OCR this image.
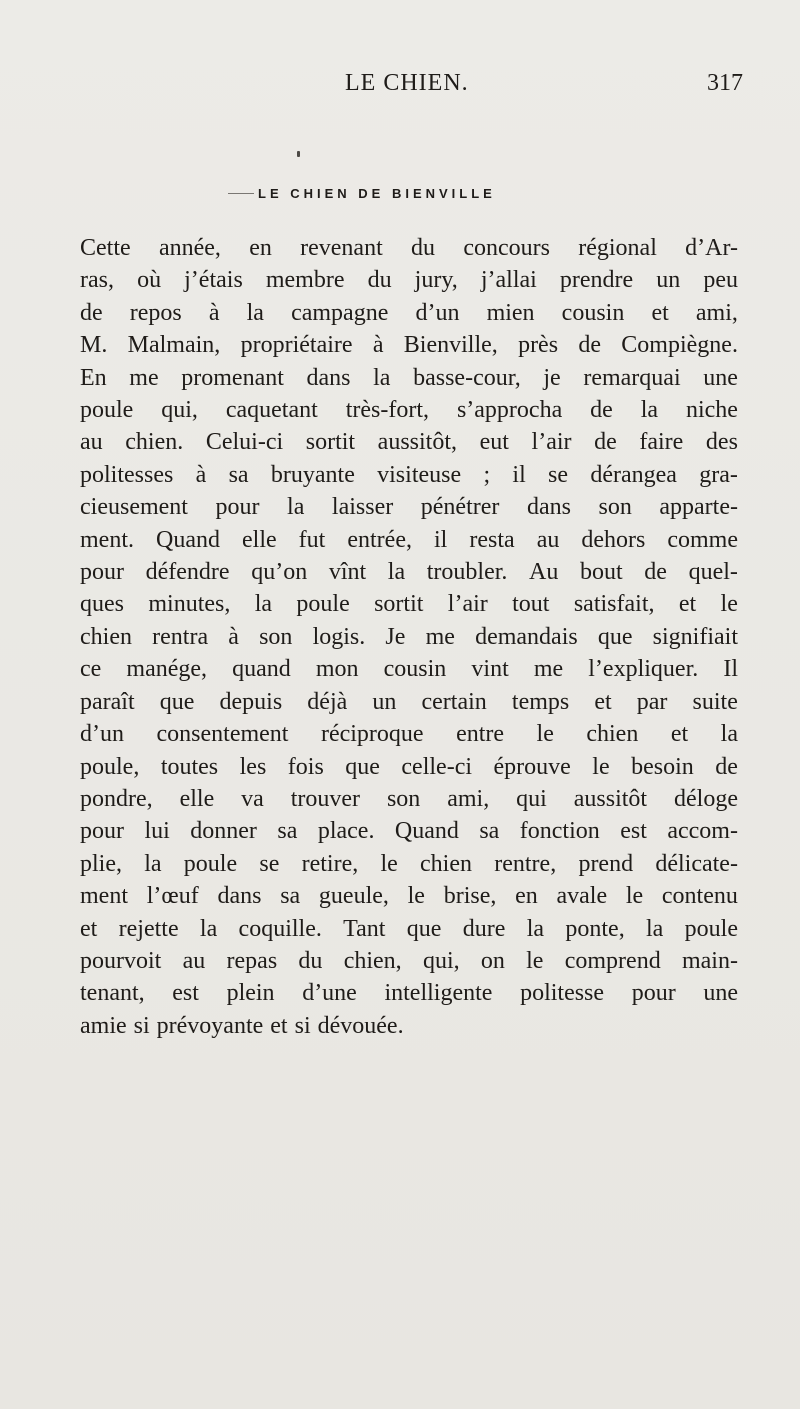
LE CHIEN.	317
LE CHIEN DE BIENVILLE
Cette année, en revenant du concours régional d’Ar-
ras, où j’étais membre du jury, j’allai prendre un peu
de repos à la campagne d’un mien cousin et ami,
M. Malmain, propriétaire à Bienville, près de Compiègne.
En me promenant dans la basse-cour, je remarquai une
poule qui, caquetant très-fort, s’approcha de la niche
au chien. Celui-ci sortit aussitôt, eut l’air de faire des
politesses à sa bruyante visiteuse ; il se dérangea gra-
cieusement pour la laisser pénétrer dans son apparte-
ment. Quand elle fut entrée, il resta au dehors comme
pour défendre qu’on vînt la troubler. Au bout de quel-
ques minutes, la poule sortit l’air tout satisfait, et le
chien rentra à son logis. Je me demandais que signifiait
ce manége, quand mon cousin vint me l’expliquer. Il
paraît que depuis déjà un certain temps et par suite
d’un consentement réciproque entre le chien et la
poule, toutes les fois que celle-ci éprouve le besoin de
pondre, elle va trouver son ami, qui aussitôt déloge
pour lui donner sa place. Quand sa fonction est accom-
plie, la poule se retire, le chien rentre, prend délicate-
ment l’œuf dans sa gueule, le brise, en avale le contenu
et rejette la coquille. Tant que dure la ponte, la poule
pourvoit au repas du chien, qui, on le comprend main-
tenant, est plein d’une intelligente politesse pour une
amie si prévoyante et si dévouée.
